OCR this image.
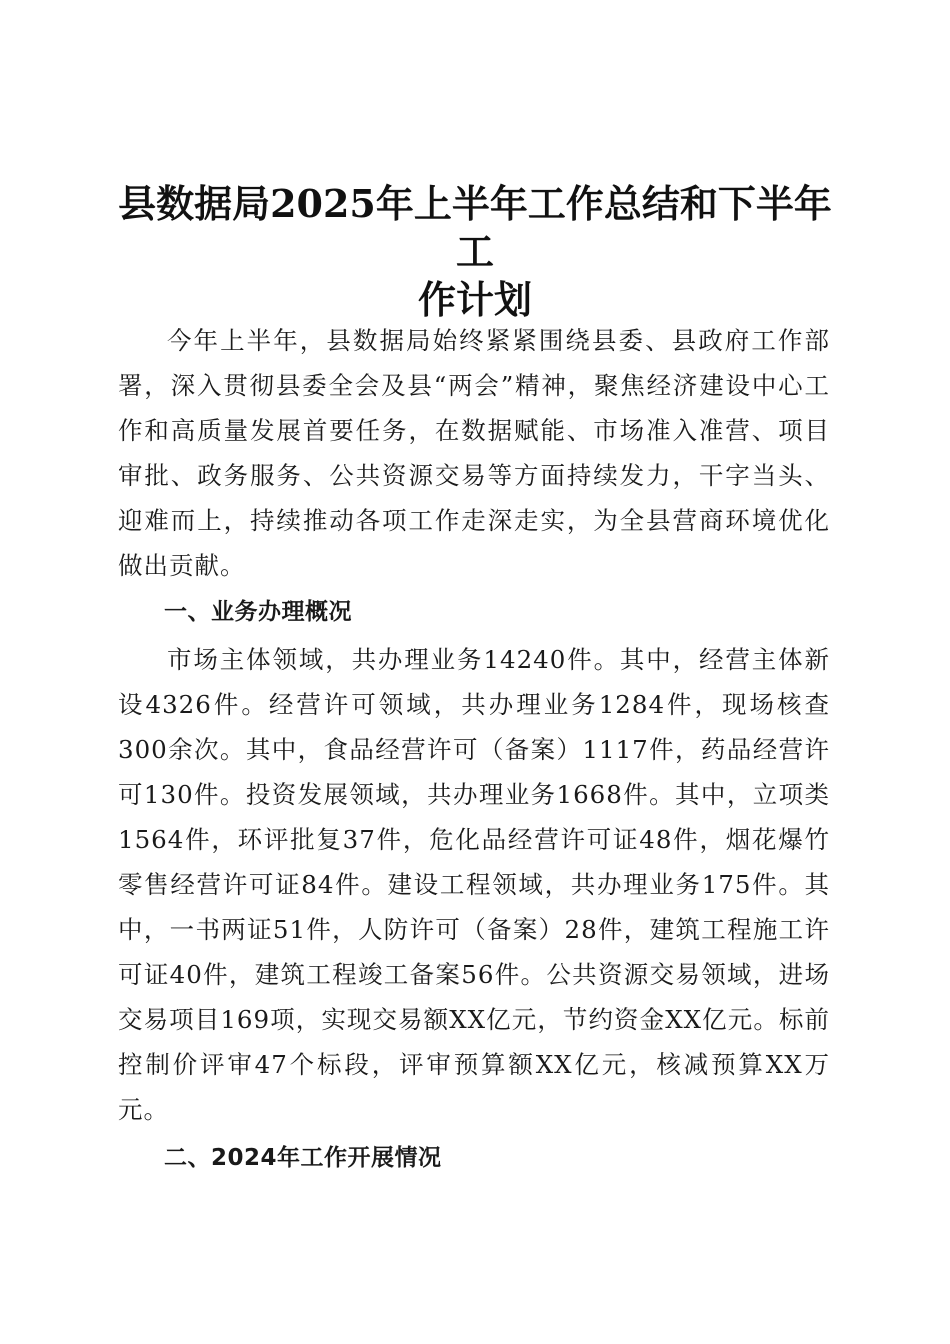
县数据局2025年上半年工作总结和下半年工
作计划

今年上半年，县数据局始终紧紧围绕县委、县政府工作部署，深入贯彻县委全会及县“两会”精神，聚焦经济建设中心工作和高质量发展首要任务，在数据赋能、市场准入准营、项目审批、政务服务、公共资源交易等方面持续发力，干字当头、迎难而上，持续推动各项工作走深走实，为全县营商环境优化做出贡献。

一、业务办理概况

市场主体领域，共办理业务14240件。其中，经营主体新设4326件。经营许可领域，共办理业务1284件，现场核查300余次。其中，食品经营许可（备案）1117件，药品经营许可130件。投资发展领域，共办理业务1668件。其中，立项类1564件，环评批复37件，危化品经营许可证48件，烟花爆竹零售经营许可证84件。建设工程领域，共办理业务175件。其中，一书两证51件，人防许可（备案）28件，建筑工程施工许可证40件，建筑工程竣工备案56件。公共资源交易领域，进场交易项目169项，实现交易额XX亿元，节约资金XX亿元。标前控制价评审47个标段，评审预算额XX亿元，核减预算XX万元。

二、2024年工作开展情况
